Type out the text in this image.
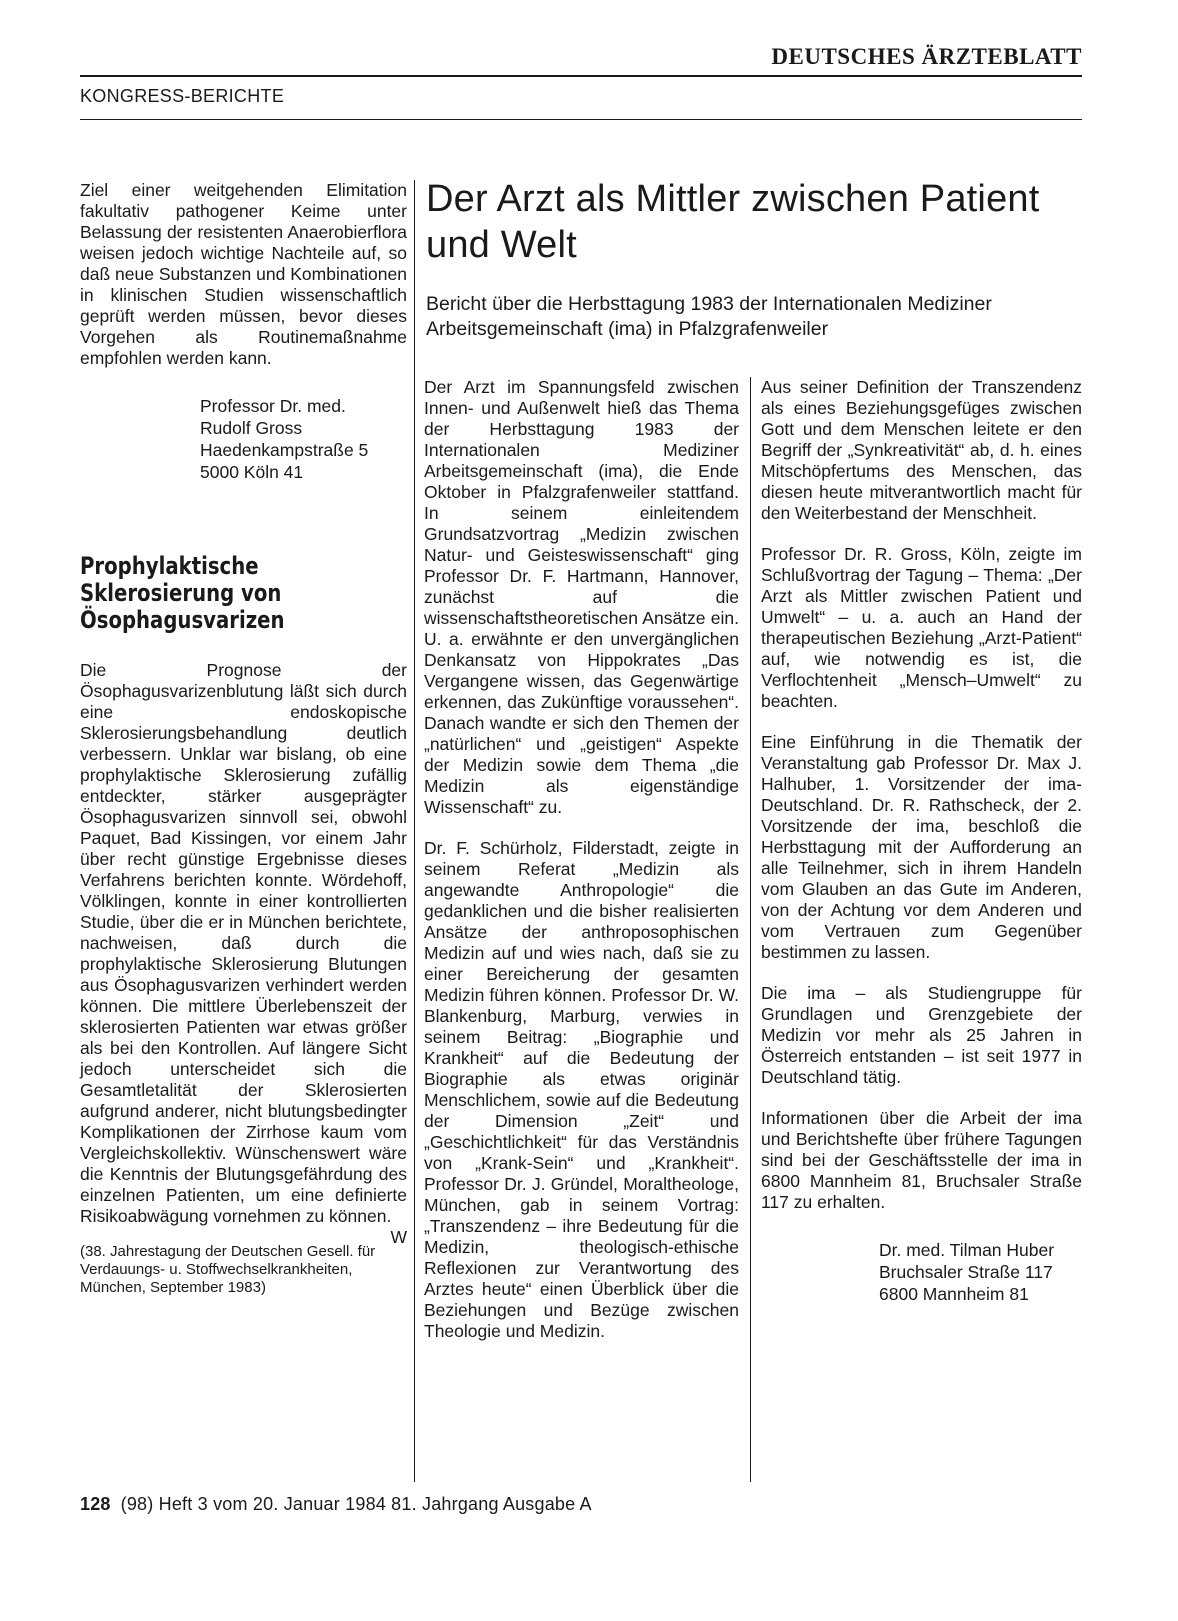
DEUTSCHES ÄRZTEBLATT
KONGRESS-BERICHTE

Ziel einer weitgehenden Elimitation fakultativ pathogener Keime unter Belassung der resistenten Anaerobierflora weisen jedoch wichtige Nachteile auf, so daß neue Substanzen und Kombinationen in klinischen Studien wissenschaftlich geprüft werden müssen, bevor dieses Vorgehen als Routinemaßnahme empfohlen werden kann.

Professor Dr. med.
Rudolf Gross
Haedenkampstraße 5
5000 Köln 41

Prophylaktische Sklerosierung von Ösophagusvarizen

Die Prognose der Ösophagusvarizenblutung läßt sich durch eine endoskopische Sklerosierungsbehandlung deutlich verbessern. Unklar war bislang, ob eine prophylaktische Sklerosierung zufällig entdeckter, stärker ausgeprägter Ösophagusvarizen sinnvoll sei, obwohl Paquet, Bad Kissingen, vor einem Jahr über recht günstige Ergebnisse dieses Verfahrens berichten konnte. Wördehoff, Völklingen, konnte in einer kontrollierten Studie, über die er in München berichtete, nachweisen, daß durch die prophylaktische Sklerosierung Blutungen aus Ösophagusvarizen verhindert werden können. Die mittlere Überlebenszeit der sklerosierten Patienten war etwas größer als bei den Kontrollen. Auf längere Sicht jedoch unterscheidet sich die Gesamtletalität der Sklerosierten aufgrund anderer, nicht blutungsbedingter Komplikationen der Zirrhose kaum vom Vergleichskollektiv. Wünschenswert wäre die Kenntnis der Blutungsgefährdung des einzelnen Patienten, um eine definierte Risikoabwägung vornehmen zu können.
W

(38. Jahrestagung der Deutschen Gesell. für Verdauungs- u. Stoffwechselkrankheiten, München, September 1983)

Der Arzt als Mittler zwischen Patient und Welt
Bericht über die Herbsttagung 1983 der Internationalen Mediziner Arbeitsgemeinschaft (ima) in Pfalzgrafenweiler

Der Arzt im Spannungsfeld zwischen Innen- und Außenwelt hieß das Thema der Herbsttagung 1983 der Internationalen Mediziner Arbeitsgemeinschaft (ima), die Ende Oktober in Pfalzgrafenweiler stattfand. In seinem einleitendem Grundsatzvortrag „Medizin zwischen Natur- und Geisteswissenschaft“ ging Professor Dr. F. Hartmann, Hannover, zunächst auf die wissenschaftstheoretischen Ansätze ein. U. a. erwähnte er den unvergänglichen Denkansatz von Hippokrates „Das Vergangene wissen, das Gegenwärtige erkennen, das Zukünftige voraussehen“. Danach wandte er sich den Themen der „natürlichen“ und „geistigen“ Aspekte der Medizin sowie dem Thema „die Medizin als eigenständige Wissenschaft“ zu.

Dr. F. Schürholz, Filderstadt, zeigte in seinem Referat „Medizin als angewandte Anthropologie“ die gedanklichen und die bisher realisierten Ansätze der anthroposophischen Medizin auf und wies nach, daß sie zu einer Bereicherung der gesamten Medizin führen können. Professor Dr. W. Blankenburg, Marburg, verwies in seinem Beitrag: „Biographie und Krankheit“ auf die Bedeutung der Biographie als etwas originär Menschlichem, sowie auf die Bedeutung der Dimension „Zeit“ und „Geschichtlichkeit“ für das Verständnis von „Krank-Sein“ und „Krankheit“. Professor Dr. J. Gründel, Moraltheologe, München, gab in seinem Vortrag: „Transzendenz – ihre Bedeutung für die Medizin, theologisch-ethische Reflexionen zur Verantwortung des Arztes heute“ einen Überblick über die Beziehungen und Bezüge zwischen Theologie und Medizin.

Aus seiner Definition der Transzendenz als eines Beziehungsgefüges zwischen Gott und dem Menschen leitete er den Begriff der „Synkreativität“ ab, d. h. eines Mitschöpfertums des Menschen, das diesen heute mitverantwortlich macht für den Weiterbestand der Menschheit.

Professor Dr. R. Gross, Köln, zeigte im Schlußvortrag der Tagung – Thema: „Der Arzt als Mittler zwischen Patient und Umwelt“ – u. a. auch an Hand der therapeutischen Beziehung „Arzt-Patient“ auf, wie notwendig es ist, die Verflochtenheit „Mensch–Umwelt“ zu beachten.

Eine Einführung in die Thematik der Veranstaltung gab Professor Dr. Max J. Halhuber, 1. Vorsitzender der ima-Deutschland. Dr. R. Rathscheck, der 2. Vorsitzende der ima, beschloß die Herbsttagung mit der Aufforderung an alle Teilnehmer, sich in ihrem Handeln vom Glauben an das Gute im Anderen, von der Achtung vor dem Anderen und vom Vertrauen zum Gegenüber bestimmen zu lassen.

Die ima – als Studiengruppe für Grundlagen und Grenzgebiete der Medizin vor mehr als 25 Jahren in Österreich entstanden – ist seit 1977 in Deutschland tätig.

Informationen über die Arbeit der ima und Berichtshefte über frühere Tagungen sind bei der Geschäftsstelle der ima in 6800 Mannheim 81, Bruchsaler Straße 117 zu erhalten.

Dr. med. Tilman Huber
Bruchsaler Straße 117
6800 Mannheim 81
128 (98) Heft 3 vom 20. Januar 1984 81. Jahrgang Ausgabe A
